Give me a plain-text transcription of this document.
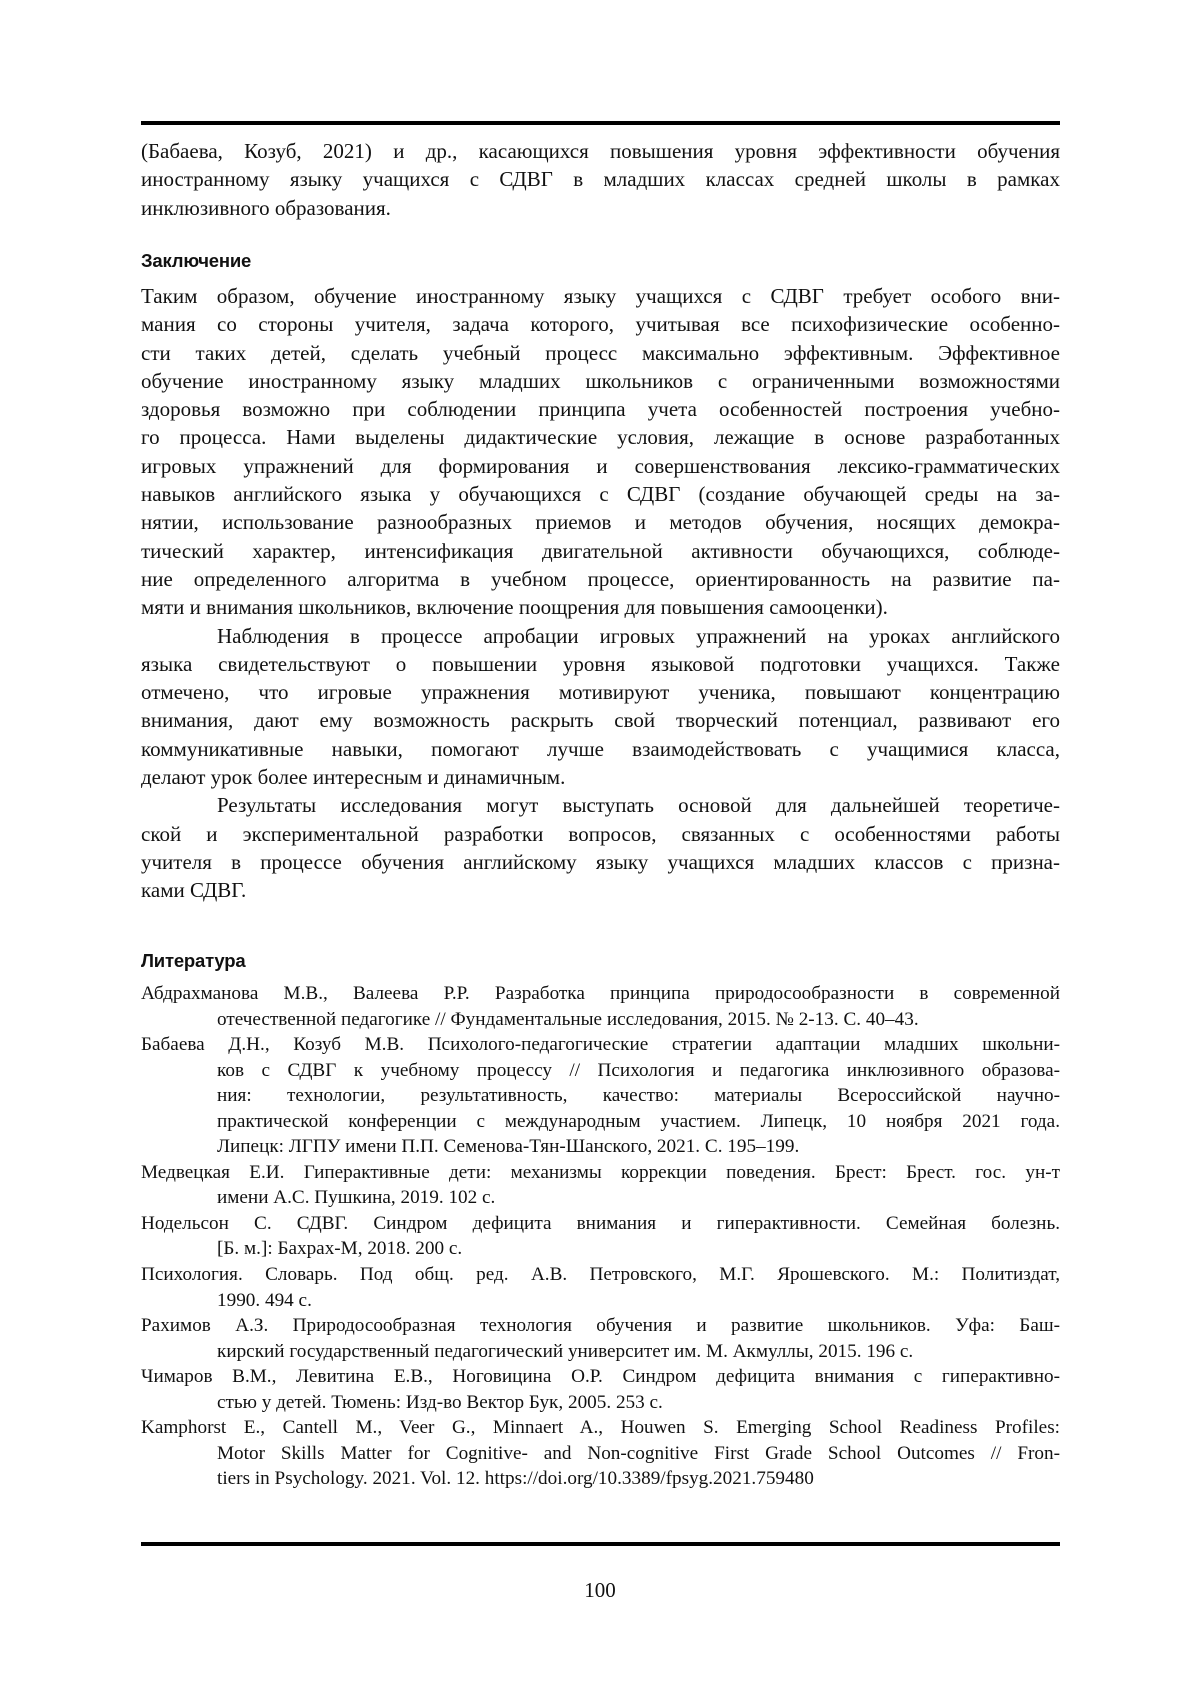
(Бабаева, Козуб, 2021) и др., касающихся повышения уровня эффективности обучения
иностранному языку учащихся с СДВГ в младших классах средней школы в рамках
инклюзивного образования.
Заключение
Таким образом, обучение иностранному языку учащихся с СДВГ требует особого вни-
мания со стороны учителя, задача которого, учитывая все психофизические особенно-
сти таких детей, сделать учебный процесс максимально эффективным. Эффективное
обучение иностранному языку младших школьников с ограниченными возможностями
здоровья возможно при соблюдении принципа учета особенностей построения учебно-
го процесса. Нами выделены дидактические условия, лежащие в основе разработанных
игровых упражнений для формирования и совершенствования лексико-грамматических
навыков английского языка у обучающихся с СДВГ (создание обучающей среды на за-
нятии, использование разнообразных приемов и методов обучения, носящих демокра-
тический характер, интенсификация двигательной активности обучающихся, соблюде-
ние определенного алгоритма в учебном процессе, ориентированность на развитие па-
мяти и внимания школьников, включение поощрения для повышения самооценки).
Наблюдения в процессе апробации игровых упражнений на уроках английского
языка свидетельствуют о повышении уровня языковой подготовки учащихся. Также
отмечено, что игровые упражнения мотивируют ученика, повышают концентрацию
внимания, дают ему возможность раскрыть свой творческий потенциал, развивают его
коммуникативные навыки, помогают лучше взаимодействовать с учащимися класса,
делают урок более интересным и динамичным.
Результаты исследования могут выступать основой для дальнейшей теоретиче-
ской и экспериментальной разработки вопросов, связанных с особенностями работы
учителя в процессе обучения английскому языку учащихся младших классов с призна-
ками СДВГ.
Литература
Абдрахманова М.В., Валеева Р.Р. Разработка принципа природосообразности в современной
отечественной педагогике // Фундаментальные исследования, 2015. № 2-13. С. 40–43.
Бабаева Д.Н., Козуб М.В. Психолого-педагогические стратегии адаптации младших школьни-
ков с СДВГ к учебному процессу // Психология и педагогика инклюзивного образова-
ния: технологии, результативность, качество: материалы Всероссийской научно-
практической конференции с международным участием. Липецк, 10 ноября 2021 года.
Липецк: ЛГПУ имени П.П. Семенова-Тян-Шанского, 2021. С. 195–199.
Медвецкая Е.И. Гиперактивные дети: механизмы коррекции поведения. Брест: Брест. гос. ун-т
имени А.С. Пушкина, 2019. 102 с.
Нодельсон С. СДВГ. Синдром дефицита внимания и гиперактивности. Семейная болезнь.
[Б. м.]: Бахрах-М, 2018. 200 с.
Психология. Словарь. Под общ. ред. А.В. Петровского, М.Г. Ярошевского. М.: Политиздат,
1990. 494 с.
Рахимов А.З. Природосообразная технология обучения и развитие школьников. Уфа: Баш-
кирский государственный педагогический университет им. М. Акмуллы, 2015. 196 с.
Чимаров В.М., Левитина Е.В., Ноговицина О.Р. Синдром дефицита внимания с гиперактивно-
стью у детей. Тюмень: Изд-во Вектор Бук, 2005. 253 с.
Kamphorst E., Cantell M., Veer G., Minnaert A., Houwen S. Emerging School Readiness Profiles:
Motor Skills Matter for Cognitive- and Non-cognitive First Grade School Outcomes // Fron-
tiers in Psychology. 2021. Vol. 12. https://doi.org/10.3389/fpsyg.2021.759480
100
